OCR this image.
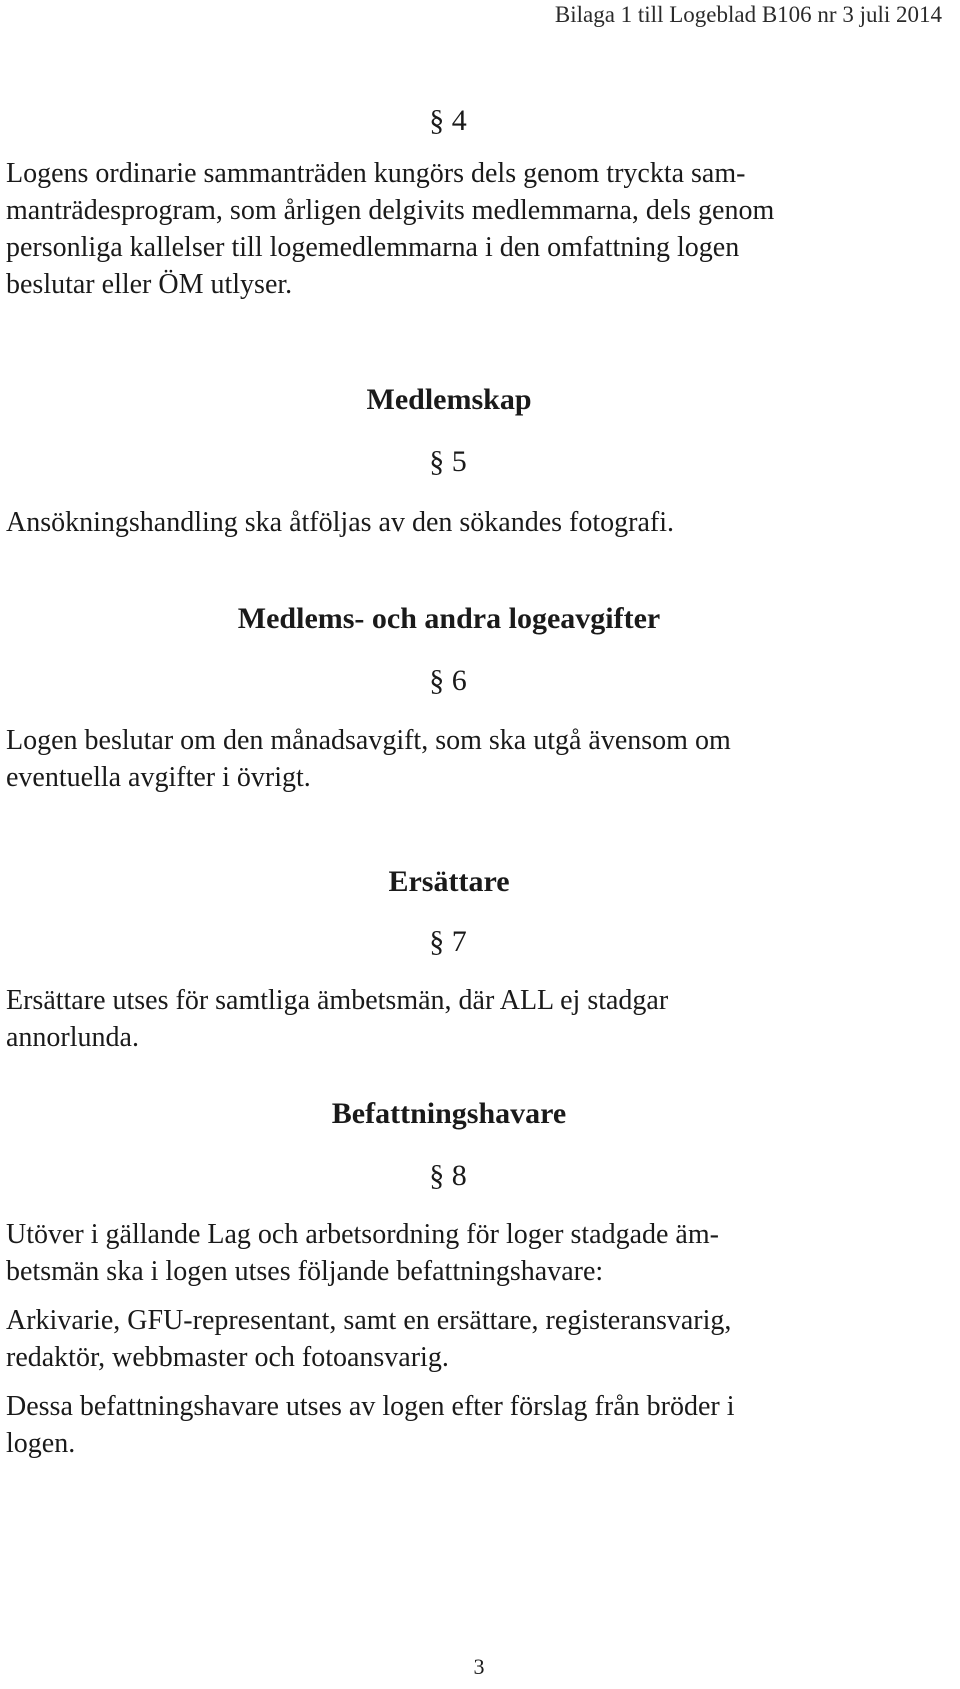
Bilaga 1 till Logeblad B106 nr 3 juli 2014
§ 4
Logens ordinarie sammanträden kungörs dels genom tryckta sam-
manträdesprogram, som årligen delgivits medlemmarna, dels genom
personliga kallelser till logemedlemmarna i den omfattning logen
beslutar eller ÖM utlyser.
Medlemskap
§ 5
Ansökningshandling ska åtföljas av den sökandes fotografi.
Medlems- och andra logeavgifter
§ 6
Logen beslutar om den månadsavgift, som ska utgå ävensom om
eventuella avgifter i övrigt.
Ersättare
§ 7
Ersättare utses för samtliga ämbetsmän, där ALL ej stadgar
annorlunda.
Befattningshavare
§ 8
Utöver i gällande Lag och arbetsordning för loger stadgade äm-
betsmän ska i logen utses följande befattningshavare:
Arkivarie, GFU-representant, samt en ersättare, registeransvarig,
redaktör, webbmaster och fotoansvarig.
Dessa befattningshavare utses av logen efter förslag från bröder i
logen.
3
